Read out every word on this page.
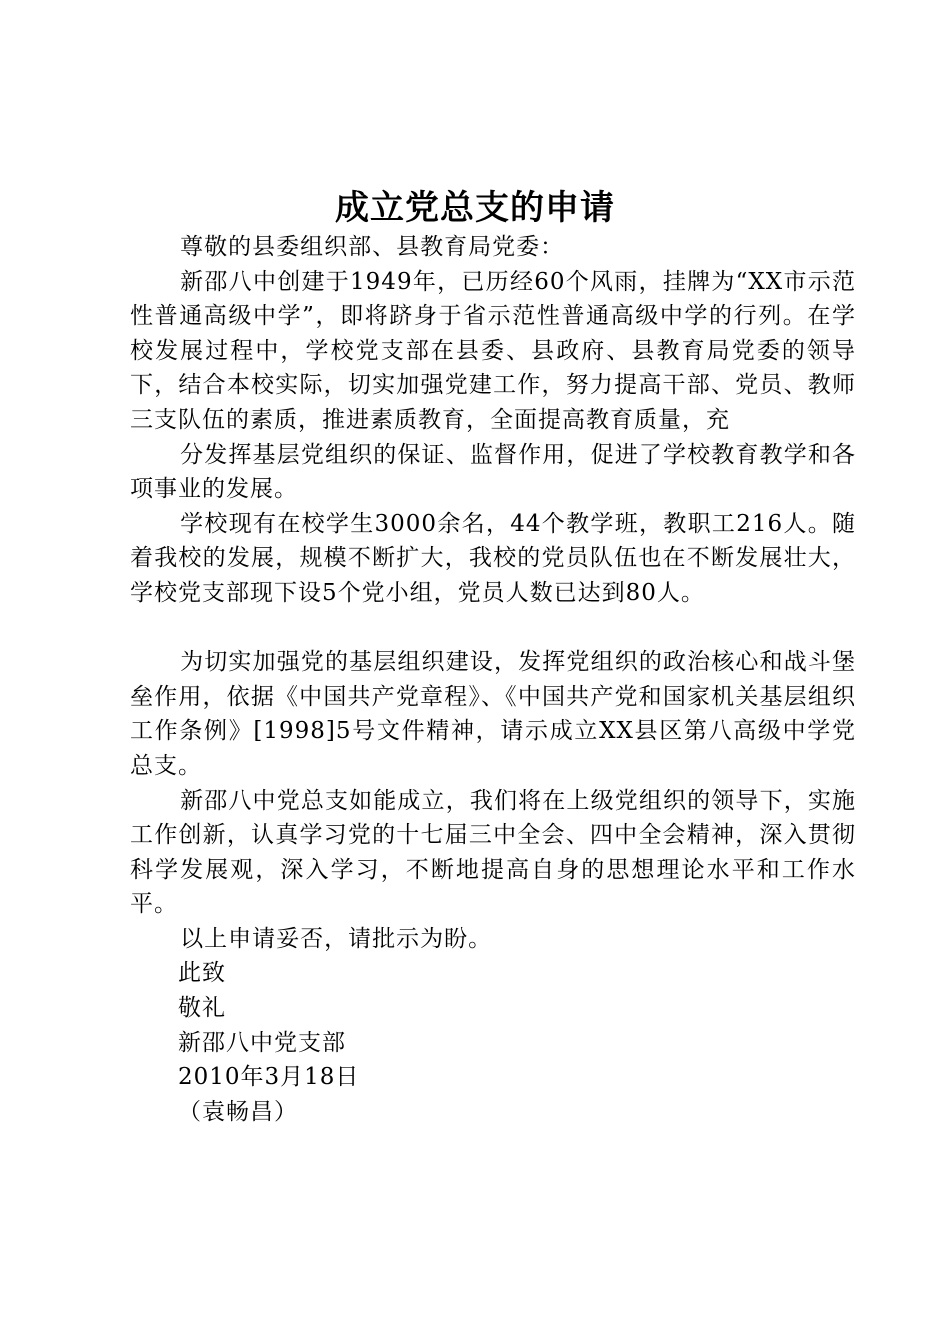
成立党总支的申请

尊敬的县委组织部、县教育局党委：

新邵八中创建于1949年，已历经60个风雨，挂牌为“XX市示范性普通高级中学”，即将跻身于省示范性普通高级中学的行列。在学校发展过程中，学校党支部在县委、县政府、县教育局党委的领导下，结合本校实际，切实加强党建工作，努力提高干部、党员、教师三支队伍的素质，推进素质教育，全面提高教育质量，充

分发挥基层党组织的保证、监督作用，促进了学校教育教学和各项事业的发展。

学校现有在校学生3000余名，44个教学班，教职工216人。随着我校的发展，规模不断扩大，我校的党员队伍也在不断发展壮大，学校党支部现下设5个党小组，党员人数已达到80人。

为切实加强党的基层组织建设，发挥党组织的政治核心和战斗堡垒作用，依据《中国共产党章程》、《中国共产党和国家机关基层组织工作条例》[1998]5号文件精神，请示成立XX县区第八高级中学党总支。

新邵八中党总支如能成立，我们将在上级党组织的领导下，实施工作创新，认真学习党的十七届三中全会、四中全会精神，深入贯彻科学发展观，深入学习，不断地提高自身的思想理论水平和工作水平。

以上申请妥否，请批示为盼。

此致

敬礼

新邵八中党支部

2010年3月18日

（袁畅昌）
